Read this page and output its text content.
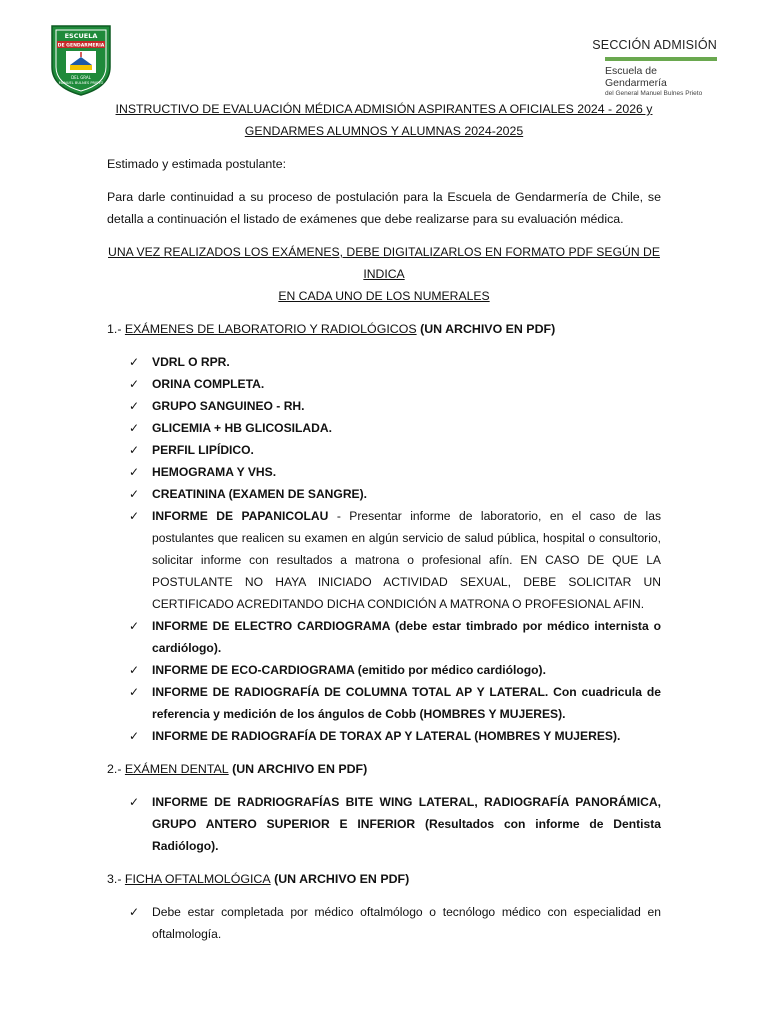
ESCUELA
DE GENDARMERIA
DEL GRAL
MANUEL BULNES PRIETO
SECCIÓN ADMISIÓN
Escuela de Gendarmería
del General Manuel Bulnes Prieto
INSTRUCTIVO DE EVALUACIÓN MÉDICA ADMISIÓN ASPIRANTES A OFICIALES 2024 - 2026 y
GENDARMES ALUMNOS Y ALUMNAS 2024-2025
Estimado y estimada postulante:
Para darle continuidad a su proceso de postulación para la Escuela de Gendarmería de Chile, se detalla a continuación el listado de exámenes que debe realizarse para su evaluación médica.
UNA VEZ REALIZADOS LOS EXÁMENES, DEBE DIGITALIZARLOS EN FORMATO PDF SEGÚN DE INDICA
EN CADA UNO DE LOS NUMERALES
1.- EXÁMENES DE LABORATORIO Y RADIOLÓGICOS (UN ARCHIVO EN PDF)
✓ VDRL O RPR.
✓ ORINA COMPLETA.
✓ GRUPO SANGUINEO - RH.
✓ GLICEMIA + HB GLICOSILADA.
✓ PERFIL LIPÍDICO.
✓ HEMOGRAMA Y VHS.
✓ CREATININA (EXAMEN DE SANGRE).
✓ INFORME DE PAPANICOLAU - Presentar informe de laboratorio, en el caso de las postulantes que realicen su examen en algún servicio de salud pública, hospital o consultorio, solicitar informe con resultados a matrona o profesional afín. EN CASO DE QUE LA POSTULANTE NO HAYA INICIADO ACTIVIDAD SEXUAL, DEBE SOLICITAR UN CERTIFICADO ACREDITANDO DICHA CONDICIÓN A MATRONA O PROFESIONAL AFIN.
✓ INFORME DE ELECTRO CARDIOGRAMA (debe estar timbrado por médico internista o cardiólogo).
✓ INFORME DE ECO-CARDIOGRAMA (emitido por médico cardiólogo).
✓ INFORME DE RADIOGRAFÍA DE COLUMNA TOTAL AP Y LATERAL. Con cuadricula de referencia y medición de los ángulos de Cobb (HOMBRES Y MUJERES).
✓ INFORME DE RADIOGRAFÍA DE TORAX AP Y LATERAL (HOMBRES Y MUJERES).
2.- EXÁMEN DENTAL (UN ARCHIVO EN PDF)
✓ INFORME DE RADRIOGRAFÍAS BITE WING LATERAL, RADIOGRAFÍA PANORÁMICA, GRUPO ANTERO SUPERIOR E INFERIOR (Resultados con informe de Dentista Radiólogo).
3.- FICHA OFTALMOLÓGICA (UN ARCHIVO EN PDF)
✓ Debe estar completada por médico oftalmólogo o tecnólogo médico con especialidad en oftalmología.
